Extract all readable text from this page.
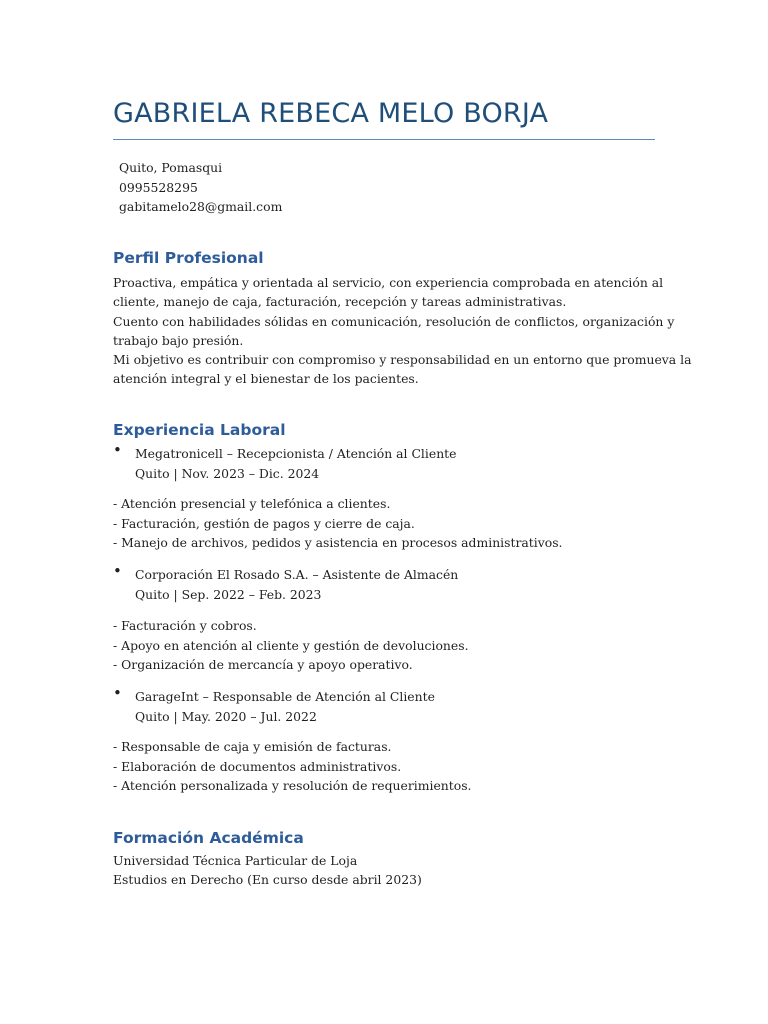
GABRIELA REBECA MELO BORJA
Quito, Pomasqui
0995528295
gabitamelo28@gmail.com
Perfil Profesional
Proactiva, empática y orientada al servicio, con experiencia comprobada en atención al
cliente, manejo de caja, facturación, recepción y tareas administrativas.
Cuento con habilidades sólidas en comunicación, resolución de conflictos, organización y
trabajo bajo presión.
Mi objetivo es contribuir con compromiso y responsabilidad en un entorno que promueva la
atención integral y el bienestar de los pacientes.
Experiencia Laboral
• Megatronicell – Recepcionista / Atención al Cliente
Quito | Nov. 2023 – Dic. 2024
- Atención presencial y telefónica a clientes.
- Facturación, gestión de pagos y cierre de caja.
- Manejo de archivos, pedidos y asistencia en procesos administrativos.
• Corporación El Rosado S.A. – Asistente de Almacén
Quito | Sep. 2022 – Feb. 2023
- Facturación y cobros.
- Apoyo en atención al cliente y gestión de devoluciones.
- Organización de mercancía y apoyo operativo.
• GarageInt – Responsable de Atención al Cliente
Quito | May. 2020 – Jul. 2022
- Responsable de caja y emisión de facturas.
- Elaboración de documentos administrativos.
- Atención personalizada y resolución de requerimientos.
Formación Académica
Universidad Técnica Particular de Loja
Estudios en Derecho (En curso desde abril 2023)
